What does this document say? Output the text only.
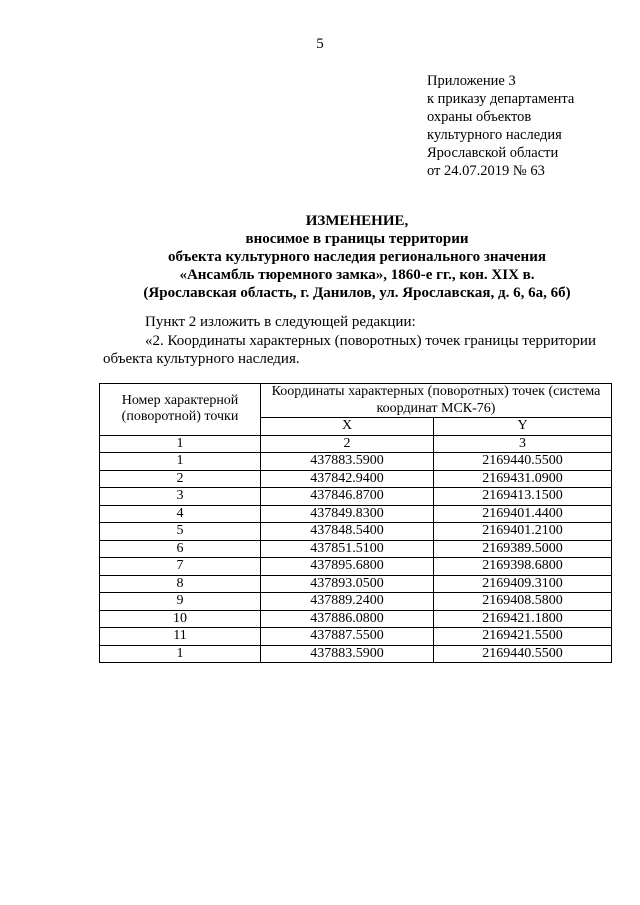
5
Приложение 3
к приказу департамента
охраны объектов
культурного наследия
Ярославской области
от 24.07.2019 № 63
ИЗМЕНЕНИЕ,
вносимое в границы территории
объекта культурного наследия регионального значения
«Ансамбль тюремного замка», 1860-е гг., кон. XIX в.
(Ярославская область, г. Данилов, ул. Ярославская, д. 6, 6а, 6б)
Пункт 2 изложить в следующей редакции:
«2. Координаты характерных (поворотных) точек границы территории объекта культурного наследия.
Номер характерной (поворотной) точки	Координаты характерных (поворотных) точек (система координат МСК-76)	
	X	Y
1	2	3
1	437883.5900	2169440.5500
2	437842.9400	2169431.0900
3	437846.8700	2169413.1500
4	437849.8300	2169401.4400
5	437848.5400	2169401.2100
6	437851.5100	2169389.5000
7	437895.6800	2169398.6800
8	437893.0500	2169409.3100
9	437889.2400	2169408.5800
10	437886.0800	2169421.1800
11	437887.5500	2169421.5500
1	437883.5900	2169440.5500
